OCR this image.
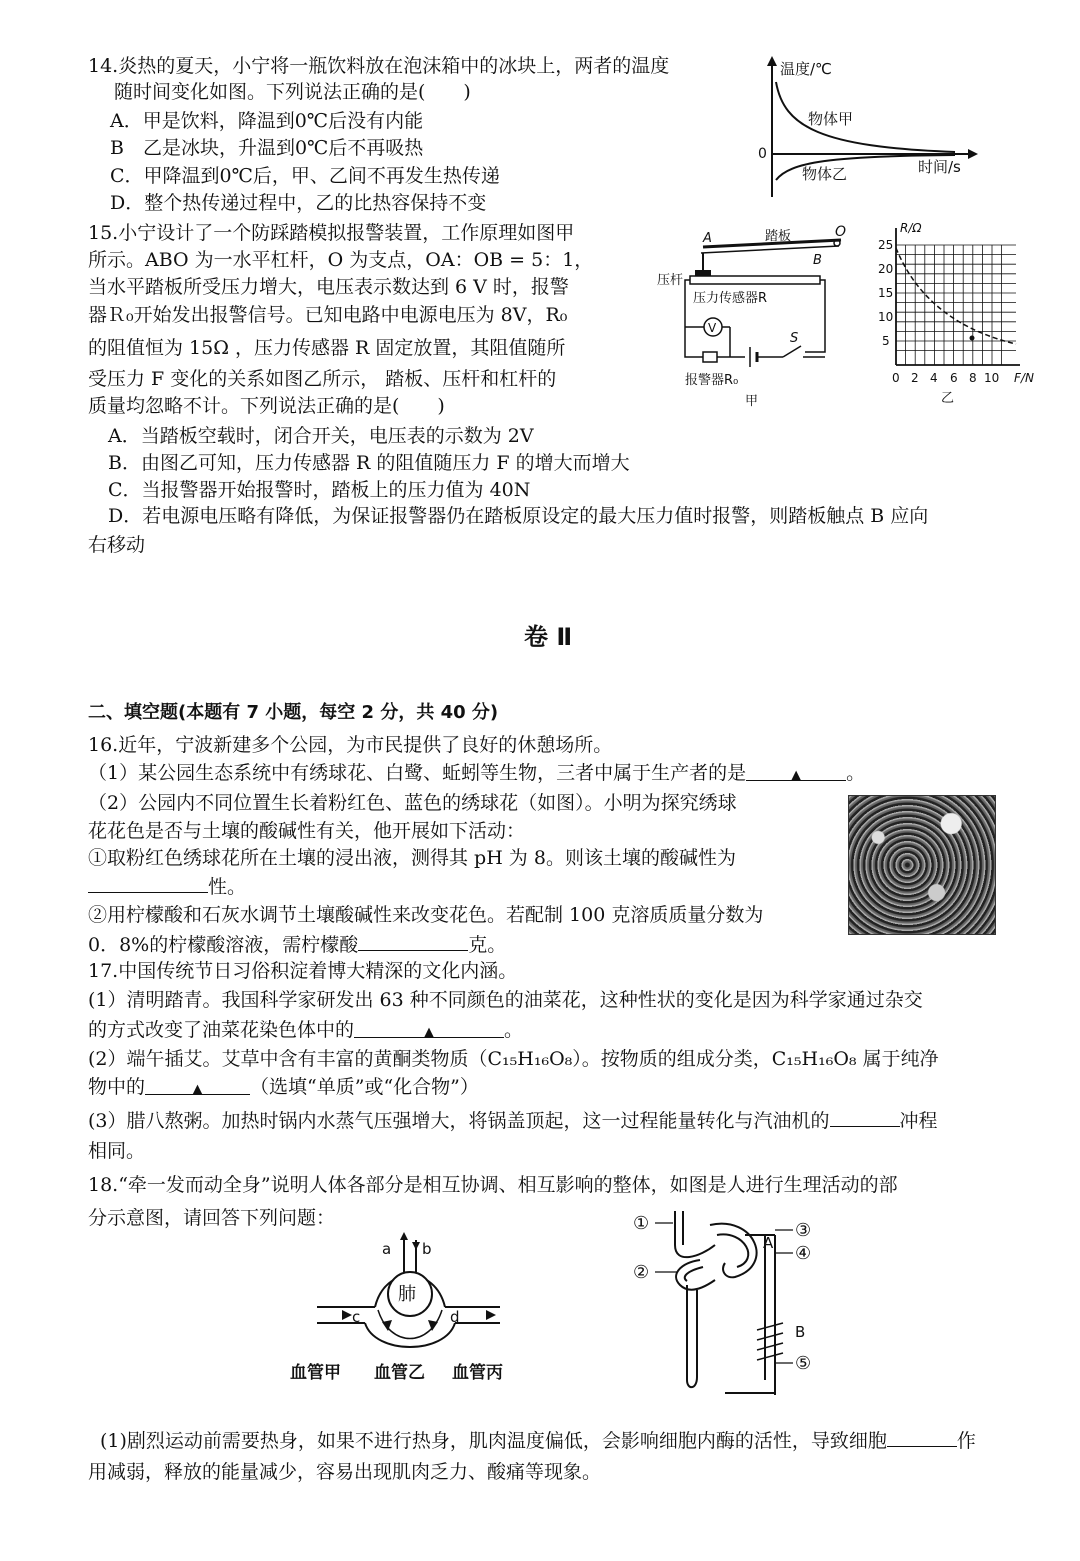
14.炎热的夏天，小宁将一瓶饮料放在泡沫箱中的冰块上，两者的温度
随时间变化如图。下列说法正确的是(　　)
A．甲是饮料，降温到0℃后没有内能
B　乙是冰块，升温到0℃后不再吸热
C．甲降温到0℃后，甲、乙间不再发生热传递
D．整个热传递过程中，乙的比热容保持不变
温度/℃
0
物体甲
物体乙	时间/s
15.小宁设计了一个防踩踏模拟报警装置，工作原理如图甲
所示。ABO 为一水平杠杆，O 为支点，OA：OB = 5：1，
当水平踏板所受压力增大，电压表示数达到 6 V 时，报警
器Ｒ₀开始发出报警信号。已知电路中电源电压为 8V，R₀
的阻值恒为 15Ω ，压力传感器 R 固定放置，其阻值随所
受压力 F 变化的关系如图乙所示， 踏板、压杆和杠杆的
质量均忽略不计。下列说法正确的是(　　)
A．当踏板空载时，闭合开关，电压表的示数为 2V
B．由图乙可知，压力传感器 R 的阻值随压力 F 的增大而增大
C．当报警器开始报警时，踏板上的压力值为 40N
D．若电源电压略有降低，为保证报警器仍在踏板原设定的最大压力值时报警，则踏板触点 B 应向
右移动
A	踏板	O
B
压杆
压力传感器R
V
S
报警器R₀
甲
R/Ω
25
20
15
10
5
0 2 4 6 8 10 F/N
乙
卷 Ⅱ
二、填空题(本题有 7 小题，每空 2 分，共 40 分)
16.近年，宁波新建多个公园，为市民提供了良好的休憩场所。
（1）某公园生态系统中有绣球花、白鹭、蚯蚓等生物，三者中属于生产者的是	▲ 。
（2）公园内不同位置生长着粉红色、蓝色的绣球花（如图）。小明为探究绣球
花花色是否与土壤的酸碱性有关，他开展如下活动：
①取粉红色绣球花所在土壤的浸出液，测得其 pH 为 8。则该土壤的酸碱性为
性。
②用柠檬酸和石灰水调节土壤酸碱性来改变花色。若配制 100 克溶质质量分数为
0．8%的柠檬酸溶液，需柠檬酸	克。
17.中国传统节日习俗积淀着博大精深的文化内涵。
(1）清明踏青。我国科学家研发出 63 种不同颜色的油菜花，这种性状的变化是因为科学家通过杂交
的方式改变了油菜花染色体中的	▲	。
(2）端午插艾。艾草中含有丰富的黄酮类物质（C₁₅H₁₆O₈）。按物质的组成分类，C₁₅H₁₆O₈ 属于纯净
物中的	▲	（选填“单质”或“化合物”）
(3）腊八熬粥。加热时锅内水蒸气压强增大，将锅盖顶起，这一过程能量转化与汽油机的	冲程
相同。
18.“牵一发而动全身”说明人体各部分是相互协调、相互影响的整体，如图是人进行生理活动的部
分示意图，请回答下列问题：
a b
肺
c	d
血管甲 血管乙 血管丙
①
②
③
④
⑤
A
B
(1)剧烈运动前需要热身，如果不进行热身，肌肉温度偏低，会影响细胞内酶的活性，导致细胞	作
用减弱，释放的能量减少，容易出现肌肉乏力、酸痛等现象。
